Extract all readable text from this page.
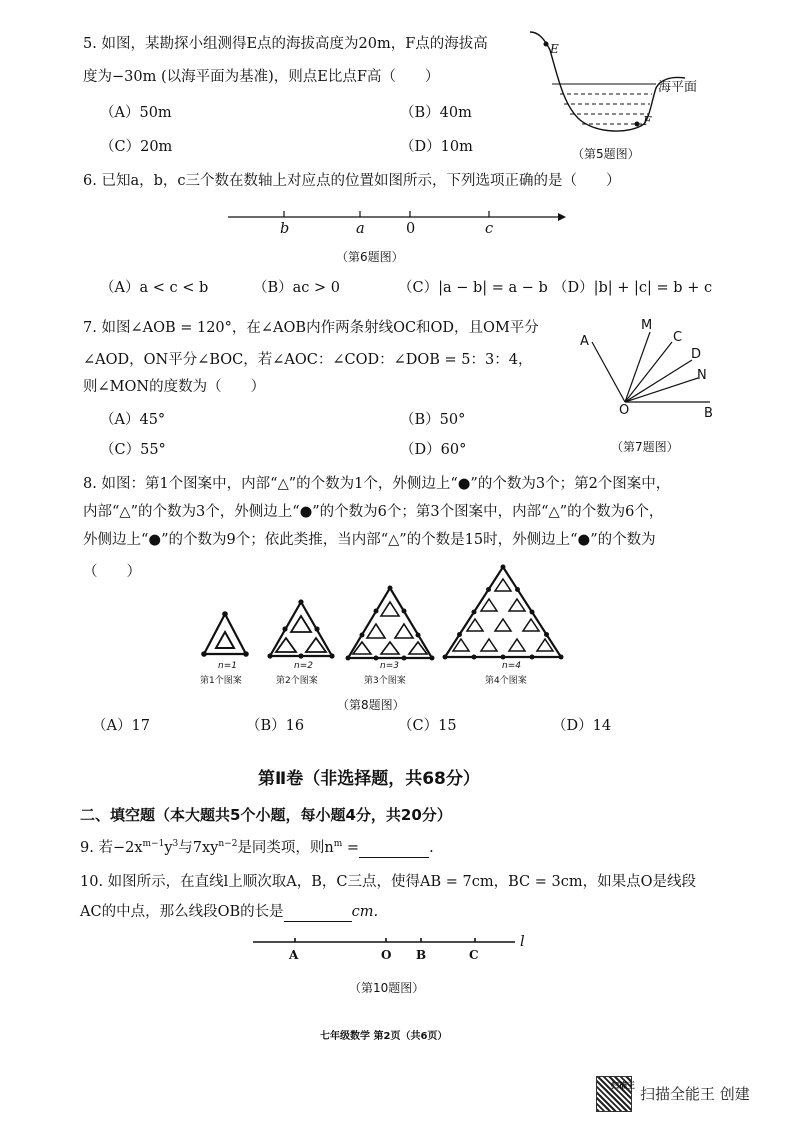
5. 如图，某勘探小组测得E点的海拔高度为20m，F点的海拔高
度为−30m (以海平面为基准)，则点E比点F高（　　）
（A）50m	（B）40m
（C）20m	（D）10m
E
F
海平面
（第5题图）
6. 已知a，b，c三个数在数轴上对应点的位置如图所示，下列选项正确的是（　　）
b	a	0	c
（第6题图）
（A）a < c < b	（B）ac > 0	（C）|a − b| = a − b （D）|b| + |c| = b + c
7. 如图∠AOB = 120°，在∠AOB内作两条射线OC和OD，且OM平分
∠AOD，ON平分∠BOC，若∠AOC：∠COD：∠DOB = 5：3：4，
则∠MON的度数为（　　）
（A）45°	（B）50°
（C）55°	（D）60°
A
M
C
D
N
O	B
（第7题图）
8. 如图：第1个图案中，内部“△”的个数为1个，外侧边上“●”的个数为3个；第2个图案中，
内部“△”的个数为3个，外侧边上“●”的个数为6个；第3个图案中，内部“△”的个数为6个，
外侧边上“●”的个数为9个；依此类推，当内部“△”的个数是15时，外侧边上“●”的个数为
（　　）
n=1
第1个图案
n=2
第2个图案
n=3
第3个图案
n=4
第4个图案
（第8题图）
（A）17	（B）16	（C）15	（D）14
第Ⅱ卷（非选择题，共68分）
二、填空题（本大题共5个小题，每小题4分，共20分）
9. 若$-2x^{m-1}y^3$与$7xy^{n-2}$是同类项，则$n^m$ =	.
10. 如图所示，在直线l上顺次取A，B，C三点，使得AB = 7cm，BC = 3cm，如果点O是线段
AC的中点，那么线段OB的长是	cm.
l
A	O B	C
（第10题图）
七年级数学 第2页（共6页）
扫描王 扫描全能王 创建
